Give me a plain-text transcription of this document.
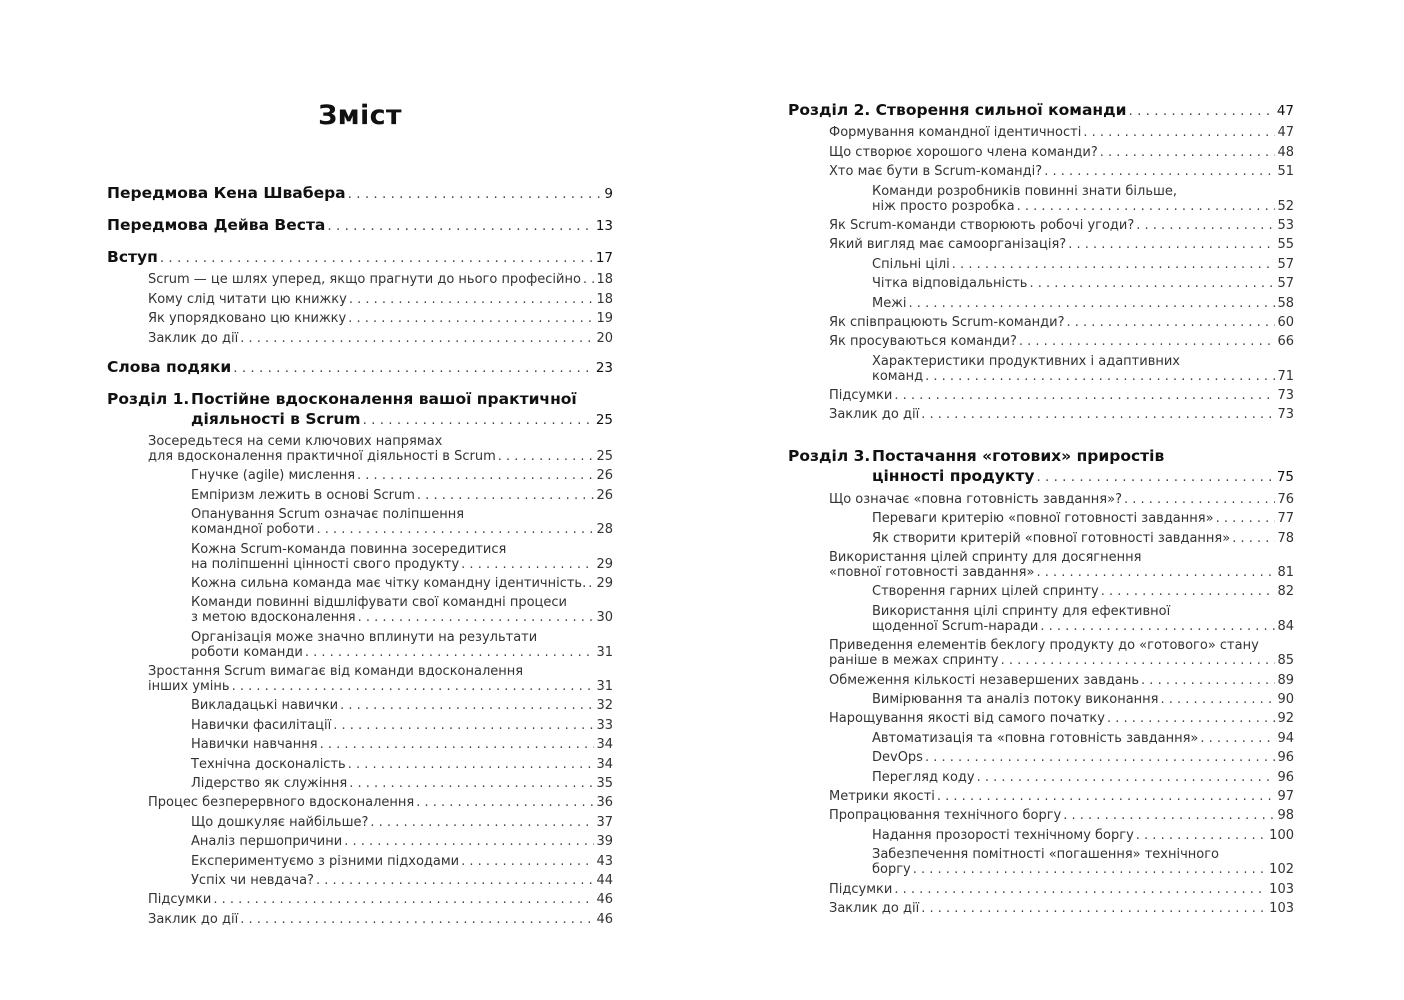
Зміст
Передмова Кена Швабера . . .	9
Передмова Дейва Веста . . .	13
Вступ . . .	17
Scrum — це шлях уперед, якщо прагнути до нього професійно . . . 18
Кому слід читати цю книжку . . .	18
Як упорядковано цю книжку . . .	19
Заклик до дії . . .	20
Слова подяки . . .	23
Розділ 1. Постійне вдосконалення вашої практичної
діяльності в Scrum . . .	25
Зосередьтеся на семи ключових напрямах
для вдосконалення практичної діяльності в Scrum . . .	25
Гнучке (agile) мислення . . .	26
Емпіризм лежить в основі Scrum . . .	26
Опанування Scrum означає поліпшення
командної роботи . . .	28
Кожна Scrum-команда повинна зосередитися
на поліпшенні цінності свого продукту . . .	29
Кожна сильна команда має чітку командну ідентичність. . . . 29
Команди повинні відшліфувати свої командні процеси
з метою вдосконалення . . .	30
Організація може значно вплинути на результати
роботи команди . . .	31
Зростання Scrum вимагає від команди вдосконалення
інших умінь . . .	31
Викладацькі навички . . .	32
Навички фасилітації . . .	33
Навички навчання . . .	34
Технічна досконалість . . .	34
Лідерство як служіння . . .	35
Процес безперервного вдосконалення . . .	36
Що дошкуляє найбільше? . . .	37
Аналіз першопричини . . .	39
Експериментуємо з різними підходами . . .	43
Успіх чи невдача? . . .	44
Підсумки . . .	46
Заклик до дії . . .	46
Розділ 2. Створення сильної команди . . .	47
Формування командної ідентичності . . .	47
Що створює хорошого члена команди? . . .	48
Хто має бути в Scrum-команді? . . .	51
Команди розробників повинні знати більше,
ніж просто розробка . . .	52
Як Scrum-команди створюють робочі угоди? . . .	53
Який вигляд має самоорганізація? . . .	55
Спільні цілі . . .	57
Чітка відповідальність . . .	57
Межі . . .	58
Як співпрацюють Scrum-команди? . . .	60
Як просуваються команди? . . .	66
Характеристики продуктивних і адаптивних
команд . . .	71
Підсумки . . .	73
Заклик до дії . . .	73
Розділ 3. Постачання «готових» приростів
цінності продукту . . .	75
Що означає «повна готовність завдання»? . . .	76
Переваги критерію «повної готовності завдання» . . .	77
Як створити критерій «повної готовності завдання» . . .	78
Використання цілей спринту для досягнення
«повної готовності завдання» . . .	81
Створення гарних цілей спринту . . .	82
Використання цілі спринту для ефективної
щоденної Scrum-наради . . .	84
Приведення елементів беклогу продукту до «готового» стану
раніше в межах спринту . . .	85
Обмеження кількості незавершених завдань . . .	89
Вимірювання та аналіз потоку виконання . . .	90
Нарощування якості від самого початку . . .	92
Автоматизація та «повна готовність завдання» . . .	94
DevOps . . .	96
Перегляд коду . . .	96
Метрики якості . . .	97
Пропрацювання технічного боргу . . .	98
Надання прозорості технічному боргу . . .	100
Забезпечення помітності «погашення» технічного
боргу . . .	102
Підсумки . . .	103
Заклик до дії . . .	103
